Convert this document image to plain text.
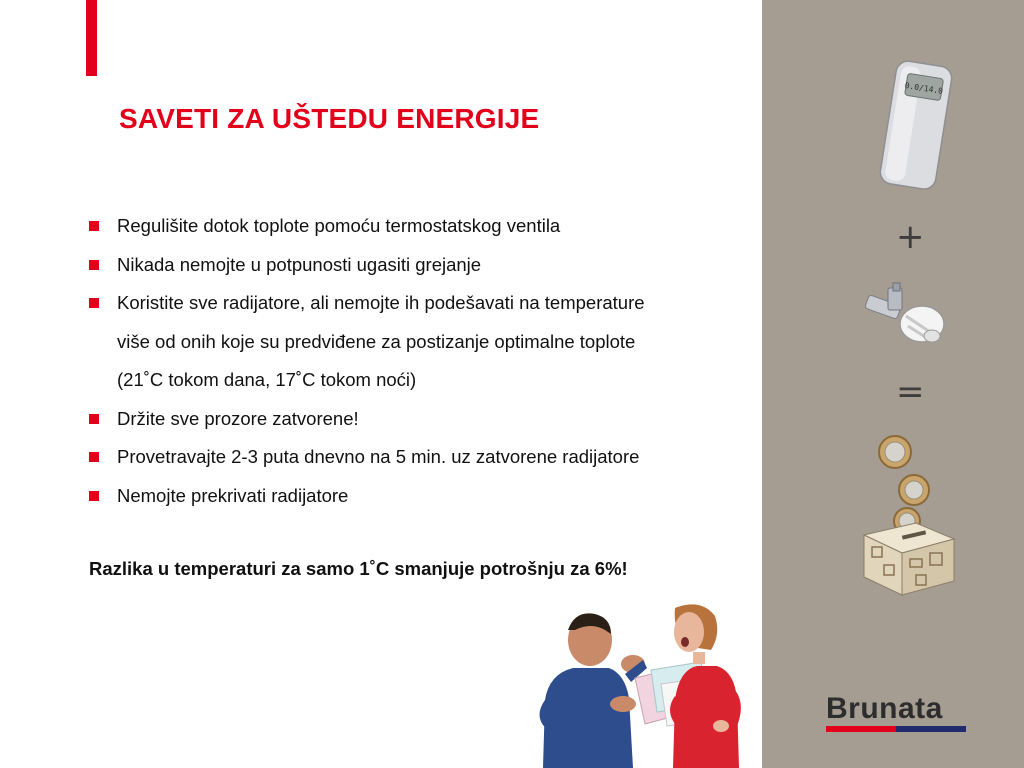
SAVETI ZA UŠTEDU ENERGIJE
Regulišite dotok toplote pomoću termostatskog ventila
Nikada nemojte u potpunosti ugasiti grejanje
Koristite sve radijatore, ali nemojte ih podešavati na temperature
više od onih koje su predviđene za postizanje optimalne toplote
(21˚C tokom dana, 17˚C tokom noći)
Držite sve prozore zatvorene!
Provetravajte 2-3 puta dnevno na 5 min. uz zatvorene radijatore
Nemojte prekrivati radijatore

Razlika u temperaturi za samo 1˚C smanjuje potrošnju za 6%!

0.0/14.0
+
=
Brunata
